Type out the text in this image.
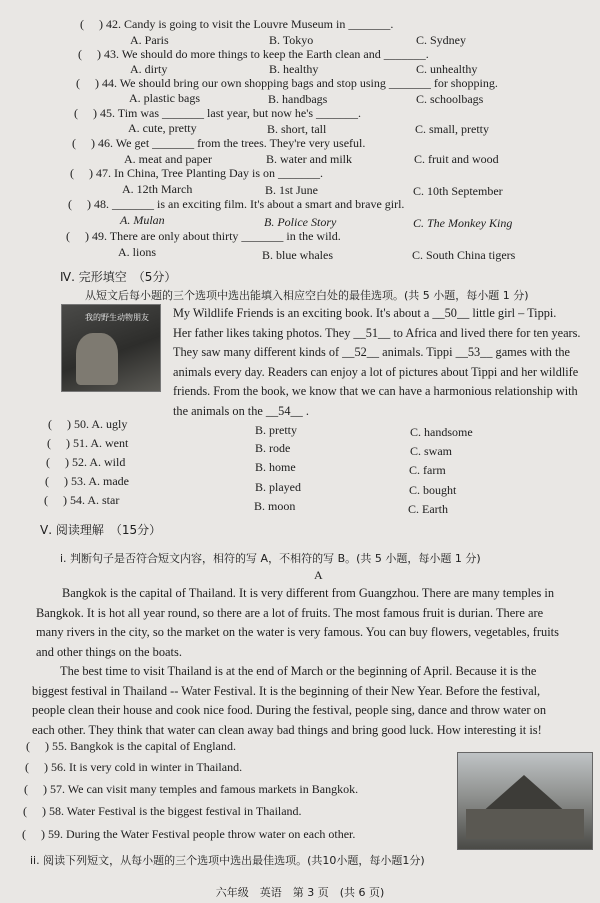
(     ) 42. Candy is going to visit the Louvre Museum in _______.
A. Paris	B. Tokyo	C. Sydney
(     ) 43. We should do more things to keep the Earth clean and _______.
A. dirty	B. healthy	C. unhealthy
(     ) 44. We should bring our own shopping bags and stop using _______ for shopping.
A. plastic bags	B. handbags	C. schoolbags
(     ) 45. Tim was _______ last year, but now he's _______.
A. cute, pretty	B. short, tall	C. small, pretty
(     ) 46. We get _______ from the trees. They're very useful.
A. meat and paper	B. water and milk	C. fruit and wood
(     ) 47. In China, Tree Planting Day is on _______.
A. 12th March	B. 1st June	C. 10th September
(     ) 48. _______ is an exciting film. It's about a smart and brave girl.
A. Mulan	B. Police Story	C. The Monkey King
(     ) 49. There are only about thirty _______ in the wild.
A. lions	B. blue whales	C. South China tigers
Ⅳ. 完形填空　（5分）
从短文后每小题的三个选项中选出能填入相应空白处的最佳选项。(共 5 小题，每小题 1 分)
我的野生动物朋友 My Wildlife Friends is an exciting book. It's about a __50__ little girl – Tippi.
Her father likes taking photos. They __51__ to Africa and lived there for ten years.
They saw many different kinds of __52__ animals. Tippi __53__ games with the
animals every day. Readers can enjoy a lot of pictures about Tippi and her wildlife
friends. From the book, we know that we can have a harmonious relationship with
the animals on the __54__ .
(     ) 50. A. ugly	B. pretty	C. handsome
(     ) 51. A. went	B. rode	C. swam
(     ) 52. A. wild	B. home	C. farm
(     ) 53. A. made	B. played	C. bought
(     ) 54. A. star	B. moon	C. Earth
Ⅴ. 阅读理解　（15分）
i. 判断句子是否符合短文内容，相符的写 A，不相符的写 B。(共 5 小题，每小题 1 分)
A
Bangkok is the capital of Thailand. It is very different from Guangzhou. There are many temples in
Bangkok. It is hot all year round, so there are a lot of fruits. The most famous fruit is durian. There are
many rivers in the city, so the market on the water is very famous. You can buy flowers, vegetables, fruits
and other things on the boats.
The best time to visit Thailand is at the end of March or the beginning of April. Because it is the
biggest festival in Thailand -- Water Festival. It is the beginning of their New Year. Before the festival,
people clean their house and cook nice food. During the festival, people sing, dance and throw water on
each other. They think that water can clean away bad things and bring good luck. How interesting it is!
(     ) 55. Bangkok is the capital of England.
(     ) 56. It is very cold in winter in Thailand.
(     ) 57. We can visit many temples and famous markets in Bangkok.
(     ) 58. Water Festival is the biggest festival in Thailand.
(     ) 59. During the Water Festival people throw water on each other.
ii. 阅读下列短文，从每小题的三个选项中选出最佳选项。(共10小题，每小题1分)
六年级　英语　第 3 页　(共 6 页)
